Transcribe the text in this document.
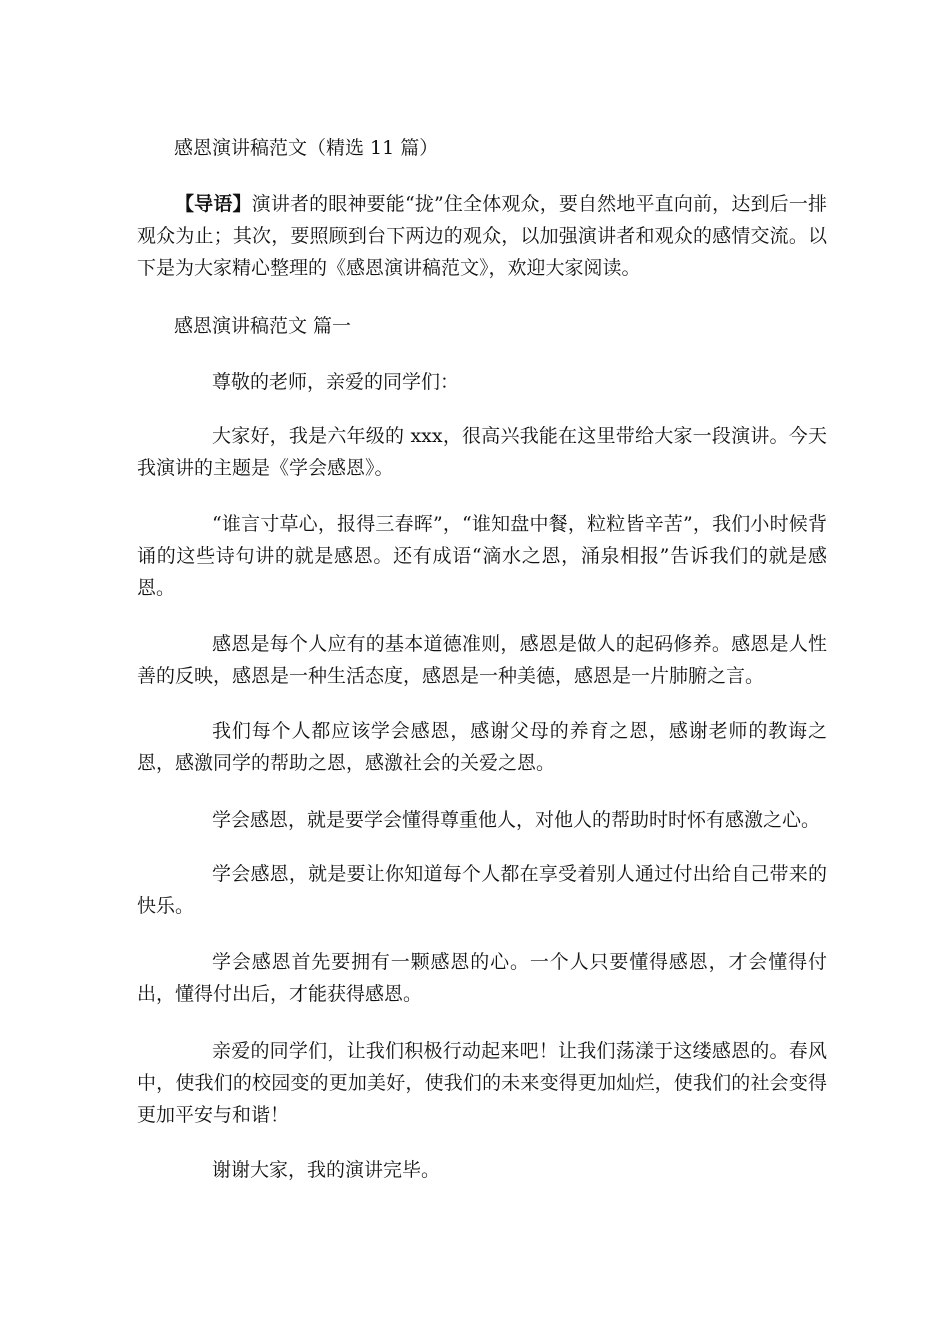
感恩演讲稿范文（精选 11 篇）
【导语】演讲者的眼神要能“拢”住全体观众，要自然地平直向前，达到后一排观众为止；其次，要照顾到台下两边的观众，以加强演讲者和观众的感情交流。以下是为大家精心整理的《感恩演讲稿范文》，欢迎大家阅读。
感恩演讲稿范文 篇一
尊敬的老师，亲爱的同学们：
大家好，我是六年级的 xxx，很高兴我能在这里带给大家一段演讲。今天我演讲的主题是《学会感恩》。
“谁言寸草心，报得三春晖”，“谁知盘中餐，粒粒皆辛苦”，我们小时候背诵的这些诗句讲的就是感恩。还有成语“滴水之恩，涌泉相报”告诉我们的就是感恩。
感恩是每个人应有的基本道德准则，感恩是做人的起码修养。感恩是人性善的反映，感恩是一种生活态度，感恩是一种美德，感恩是一片肺腑之言。
我们每个人都应该学会感恩，感谢父母的养育之恩，感谢老师的教诲之恩，感激同学的帮助之恩，感激社会的关爱之恩。
学会感恩，就是要学会懂得尊重他人，对他人的帮助时时怀有感激之心。
学会感恩，就是要让你知道每个人都在享受着别人通过付出给自己带来的快乐。
学会感恩首先要拥有一颗感恩的心。一个人只要懂得感恩，才会懂得付出，懂得付出后，才能获得感恩。
亲爱的同学们，让我们积极行动起来吧！让我们荡漾于这缕感恩的。春风中，使我们的校园变的更加美好，使我们的未来变得更加灿烂，使我们的社会变得更加平安与和谐！
谢谢大家，我的演讲完毕。
